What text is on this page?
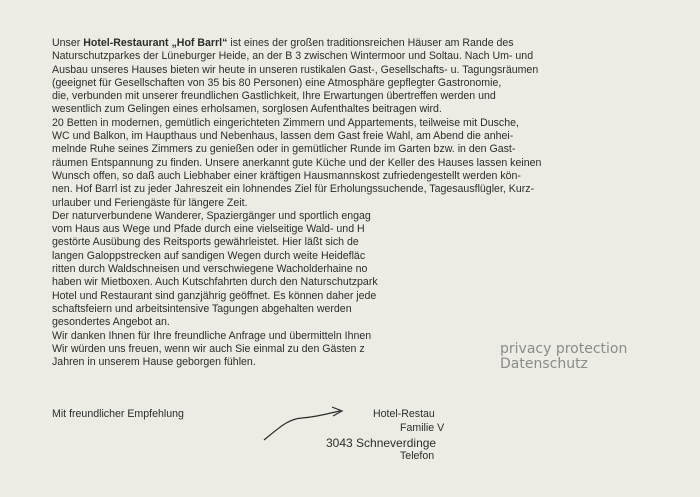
Unser Hotel-Restaurant „Hof Barrl“ ist eines der großen traditionsreichen Häuser am Rande des
Naturschutzparkes der Lüneburger Heide, an der B 3 zwischen Wintermoor und Soltau. Nach Um- und
Ausbau unseres Hauses bieten wir heute in unseren rustikalen Gast-, Gesellschafts- u. Tagungsräumen
(geeignet für Gesellschaften von 35 bis 80 Personen) eine Atmosphäre gepflegter Gastronomie,
die, verbunden mit unserer freundlichen Gastlichkeit, Ihre Erwartungen übertreffen werden und
wesentlich zum Gelingen eines erholsamen, sorglosen Aufenthaltes beitragen wird.

20 Betten in modernen, gemütlich eingerichteten Zimmern und Appartements, teilweise mit Dusche,
WC und Balkon, im Haupthaus und Nebenhaus, lassen dem Gast freie Wahl, am Abend die anhei-
melnde Ruhe seines Zimmers zu genießen oder in gemütlicher Runde im Garten bzw. in den Gast-
räumen Entspannung zu finden. Unsere anerkannt gute Küche und der Keller des Hauses lassen keinen
Wunsch offen, so daß auch Liebhaber einer kräftigen Hausmannskost zufriedengestellt werden kön-
nen. Hof Barrl ist zu jeder Jahreszeit ein lohnendes Ziel für Erholungssuchende, Tagesausflügler, Kurz-
urlauber und Feriengäste für längere Zeit.

Der naturverbundene Wanderer, Spaziergänger und sportlich engag
vom Haus aus Wege und Pfade durch eine vielseitige Wald- und H
gestörte Ausübung des Reitsports gewährleistet. Hier läßt sich de
langen Galoppstrecken auf sandigen Wegen durch weite Heidefläc
ritten durch Waldschneisen und verschwiegene Wacholderhaine no
haben wir Mietboxen. Auch Kutschfahrten durch den Naturschutzpark

Hotel und Restaurant sind ganzjährig geöffnet. Es können daher jede
schaftsfeiern und arbeitsintensive Tagungen abgehalten werden
gesondertes Angebot an.

Wir danken Ihnen für Ihre freundliche Anfrage und übermitteln Ihnen
Wir würden uns freuen, wenn wir auch Sie einmal zu den Gästen z
Jahren in unserem Hause geborgen fühlen.

privacy protection
Datenschutz
Mit freundlicher Empfehlung	Hotel-Restau
Familie V
3043 Schneverdinge
Telefon
